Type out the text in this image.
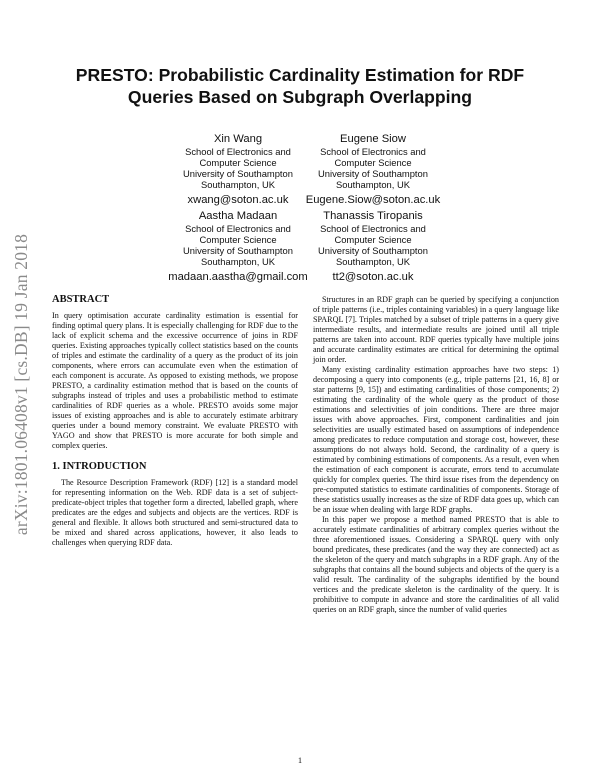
arXiv:1801.06408v1 [cs.DB] 19 Jan 2018
PRESTO: Probabilistic Cardinality Estimation for RDF
Queries Based on Subgraph Overlapping
Xin Wang
School of Electronics and
Computer Science
University of Southampton
Southampton, UK
xwang@soton.ac.uk
Eugene Siow
School of Electronics and
Computer Science
University of Southampton
Southampton, UK
Eugene.Siow@soton.ac.uk
Aastha Madaan
School of Electronics and
Computer Science
University of Southampton
Southampton, UK
madaan.aastha@gmail.com
Thanassis Tiropanis
School of Electronics and
Computer Science
University of Southampton
Southampton, UK
tt2@soton.ac.uk
ABSTRACT

In query optimisation accurate cardinality estimation is essential for finding optimal query plans. It is especially challenging for RDF due to the lack of explicit schema and the excessive occurrence of joins in RDF queries. Existing approaches typically collect statistics based on the counts of triples and estimate the cardinality of a query as the product of its join components, where errors can accumulate even when the estimation of each component is accurate. As opposed to existing methods, we propose PRESTO, a cardinality estimation method that is based on the counts of subgraphs instead of triples and uses a probabilistic method to estimate cardinalities of RDF queries as a whole. PRESTO avoids some major issues of existing approaches and is able to accurately estimate arbitrary queries under a bound memory constraint. We evaluate PRESTO with YAGO and show that PRESTO is more accurate for both simple and complex queries.

1. INTRODUCTION

The Resource Description Framework (RDF) [12] is a standard model for representing information on the Web. RDF data is a set of subject-predicate-object triples that together form a directed, labelled graph, where predicates are the edges and subjects and objects are the vertices. RDF is general and flexible. It allows both structured and semi-structured data to be mixed and shared across applications, however, it also leads to challenges when querying RDF data.

Structures in an RDF graph can be queried by specifying a conjunction of triple patterns (i.e., triples containing variables) in a query language like SPARQL [7]. Triples matched by a subset of triple patterns in a query give intermediate results, and intermediate results are joined until all triple patterns are taken into account. RDF queries typically have multiple joins and accurate cardinality estimates are critical for determining the optimal join order.

Many existing cardinality estimation approaches have two steps: 1) decomposing a query into components (e.g., triple patterns [21, 16, 8] or star patterns [9, 15]) and estimating cardinalities of those components; 2) estimating the cardinality of the whole query as the product of those estimations and selectivities of join conditions. There are three major issues with above approaches. First, component cardinalities and join selectivities are usually estimated based on assumptions of independence among predicates to reduce computation and storage cost, however, these assumptions do not always hold. Second, the cardinality of a query is estimated by combining estimations of components. As a result, even when the estimation of each component is accurate, errors tend to accumulate quickly for complex queries. The third issue rises from the dependency on pre-computed statistics to estimate cardinalities of components. Storage of these statistics usually increases as the size of RDF data goes up, which can be an issue when dealing with large RDF graphs.

In this paper we propose a method named PRESTO that is able to accurately estimate cardinalities of arbitrary complex queries without the three aforementioned issues. Considering a SPARQL query with only bound predicates, these predicates (and the way they are connected) act as the skeleton of the query and match subgraphs in a RDF graph. Any of the subgraphs that contains all the bound subjects and objects of the query is a valid result. The cardinality of the subgraphs identified by the bound vertices and the predicate skeleton is the cardinality of the query. It is prohibitive to compute in advance and store the cardinalities of all valid queries on an RDF graph, since the number of valid queries

1
